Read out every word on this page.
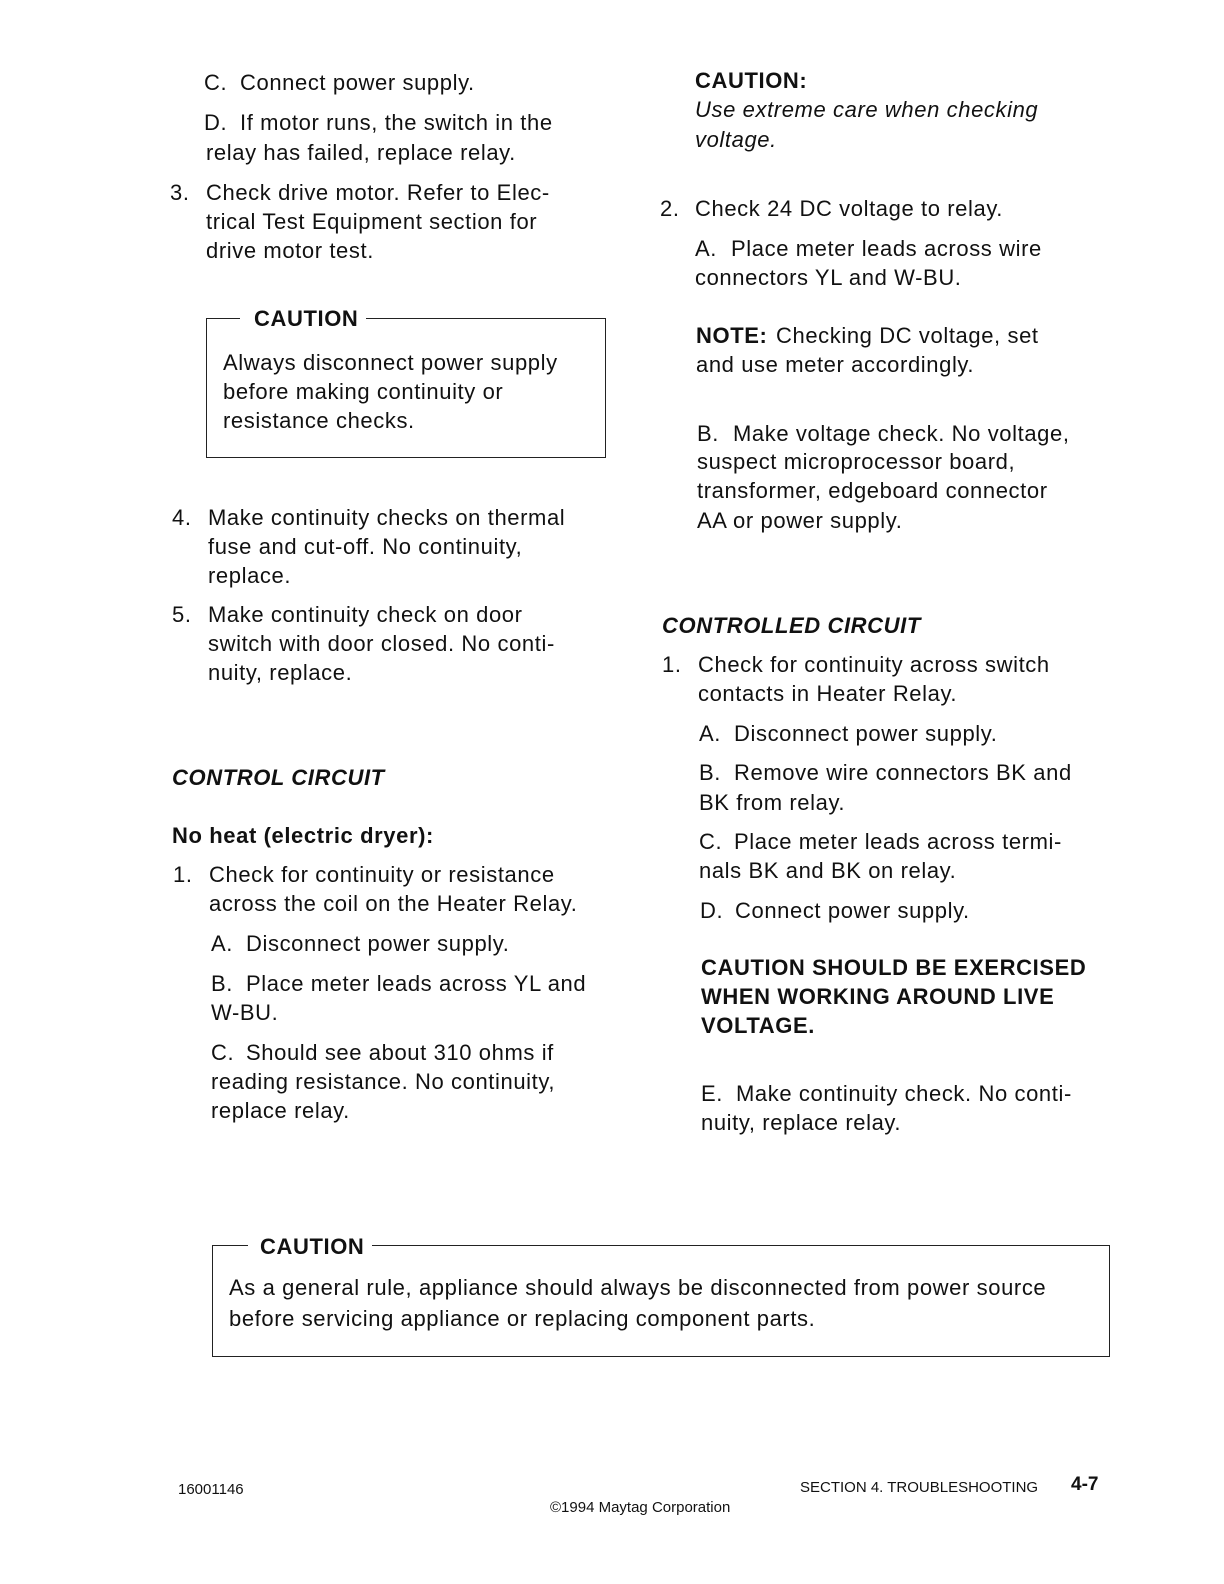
C. Connect power supply.
D. If motor runs, the switch in the
relay has failed, replace relay.
3. Check drive motor. Refer to Elec-
trical Test Equipment section for
drive motor test.
CAUTION
Always disconnect power supply
before making continuity or
resistance checks.
4. Make continuity checks on thermal
fuse and cut-off. No continuity,
replace.
5. Make continuity check on door
switch with door closed. No conti-
nuity, replace.
CONTROL CIRCUIT
No heat (electric dryer):
1. Check for continuity or resistance
across the coil on the Heater Relay.
A. Disconnect power supply.
B. Place meter leads across YL and
W-BU.
C. Should see about 310 ohms if
reading resistance. No continuity,
replace relay.
CAUTION:
Use extreme care when checking
voltage.
2. Check 24 DC voltage to relay.
A. Place meter leads across wire
connectors YL and W-BU.
NOTE: Checking DC voltage, set
and use meter accordingly.
B. Make voltage check. No voltage,
suspect microprocessor board,
transformer, edgeboard connector
AA or power supply.
CONTROLLED CIRCUIT
1. Check for continuity across switch
contacts in Heater Relay.
A. Disconnect power supply.
B. Remove wire connectors BK and
BK from relay.
C. Place meter leads across termi-
nals BK and BK on relay.
D. Connect power supply.
CAUTION SHOULD BE EXERCISED
WHEN WORKING AROUND LIVE
VOLTAGE.
E. Make continuity check. No conti-
nuity, replace relay.
CAUTION
As a general rule, appliance should always be disconnected from power source
before servicing appliance or replacing component parts.
16001146	SECTION 4. TROUBLESHOOTING 4-7
©1994 Maytag Corporation
